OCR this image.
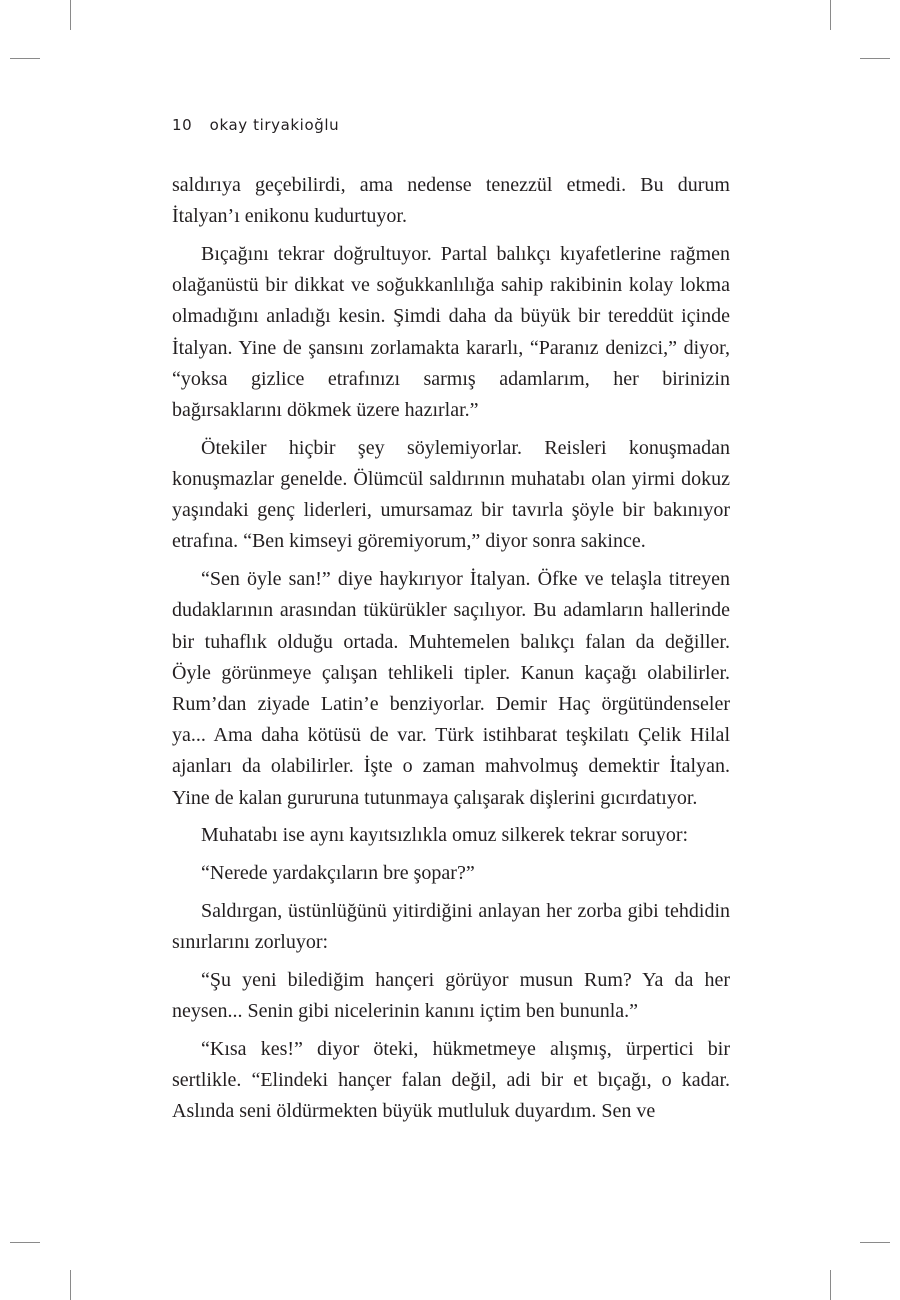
10 okay tiryakioğlu

saldırıya geçebilirdi, ama nedense tenezzül etmedi. Bu durum İtalyan’ı enikonu kudurtuyor.

Bıçağını tekrar doğrultuyor. Partal balıkçı kıyafetlerine rağmen olağanüstü bir dikkat ve soğukkanlılığa sahip rakibinin kolay lokma olmadığını anladığı kesin. Şimdi daha da büyük bir tereddüt içinde İtalyan. Yine de şansını zorlamakta kararlı, “Paranız denizci,” diyor, “yoksa gizlice etrafınızı sarmış adamlarım, her birinizin bağırsaklarını dökmek üzere hazırlar.”

Ötekiler hiçbir şey söylemiyorlar. Reisleri konuşmadan konuşmazlar genelde. Ölümcül saldırının muhatabı olan yirmi dokuz yaşındaki genç liderleri, umursamaz bir tavırla şöyle bir bakınıyor etrafına. “Ben kimseyi göremiyorum,” diyor sonra sakince.

“Sen öyle san!” diye haykırıyor İtalyan. Öfke ve telaşla titreyen dudaklarının arasından tükürükler saçılıyor. Bu adamların hallerinde bir tuhaflık olduğu ortada. Muhtemelen balıkçı falan da değiller. Öyle görünmeye çalışan tehlikeli tipler. Kanun kaçağı olabilirler. Rum’dan ziyade Latin’e benziyorlar. Demir Haç örgütündenseler ya... Ama daha kötüsü de var. Türk istihbarat teşkilatı Çelik Hilal ajanları da olabilirler. İşte o zaman mahvolmuş demektir İtalyan. Yine de kalan gururuna tutunmaya çalışarak dişlerini gıcırdatıyor.

Muhatabı ise aynı kayıtsızlıkla omuz silkerek tekrar soruyor:

“Nerede yardakçıların bre şopar?”

Saldırgan, üstünlüğünü yitirdiğini anlayan her zorba gibi tehdidin sınırlarını zorluyor:

“Şu yeni bilediğim hançeri görüyor musun Rum? Ya da her neysen... Senin gibi nicelerinin kanını içtim ben bununla.”

“Kısa kes!” diyor öteki, hükmetmeye alışmış, ürpertici bir sertlikle. “Elindeki hançer falan değil, adi bir et bıçağı, o kadar. Aslında seni öldürmekten büyük mutluluk duyardım. Sen ve
